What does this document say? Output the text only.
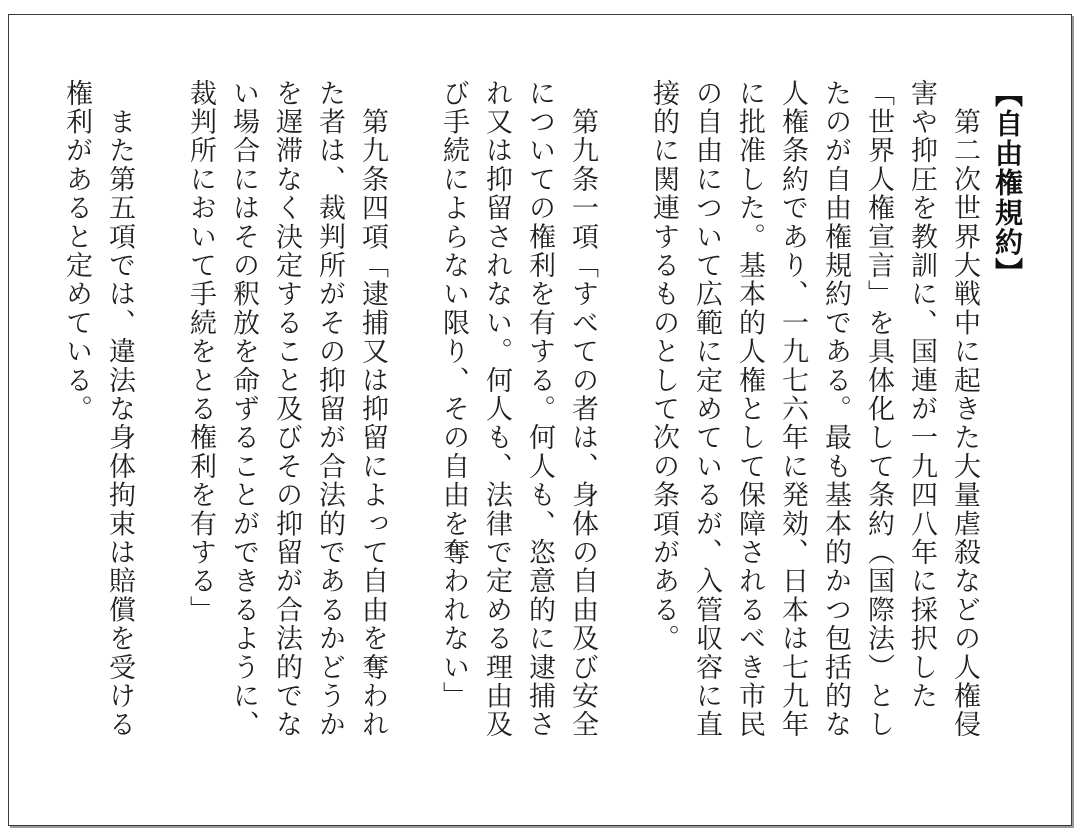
【自由権規約】

　第二次世界大戦中に起きた大量虐殺などの人権侵害や抑圧を教訓に、国連が一九四八年に採択した「世界人権宣言」を具体化して条約（国際法）としたのが自由権規約である。最も基本的かつ包括的な人権条約であり、一九七六年に発効、日本は七九年に批准した。基本的人権として保障されるべき市民の自由について広範に定めているが、入管収容に直接的に関連するものとして次の条項がある。

　第九条一項「すべての者は、身体の自由及び安全についての権利を有する。何人も、恣意的に逮捕され又は抑留されない。何人も、法律で定める理由及び手続によらない限り、その自由を奪われない」

　第九条四項「逮捕又は抑留によって自由を奪われた者は、裁判所がその抑留が合法的であるかどうかを遅滞なく決定すること及びその抑留が合法的でない場合にはその釈放を命ずることができるように、裁判所において手続をとる権利を有する」

　また第五項では、違法な身体拘束は賠償を受ける権利があると定めている。
